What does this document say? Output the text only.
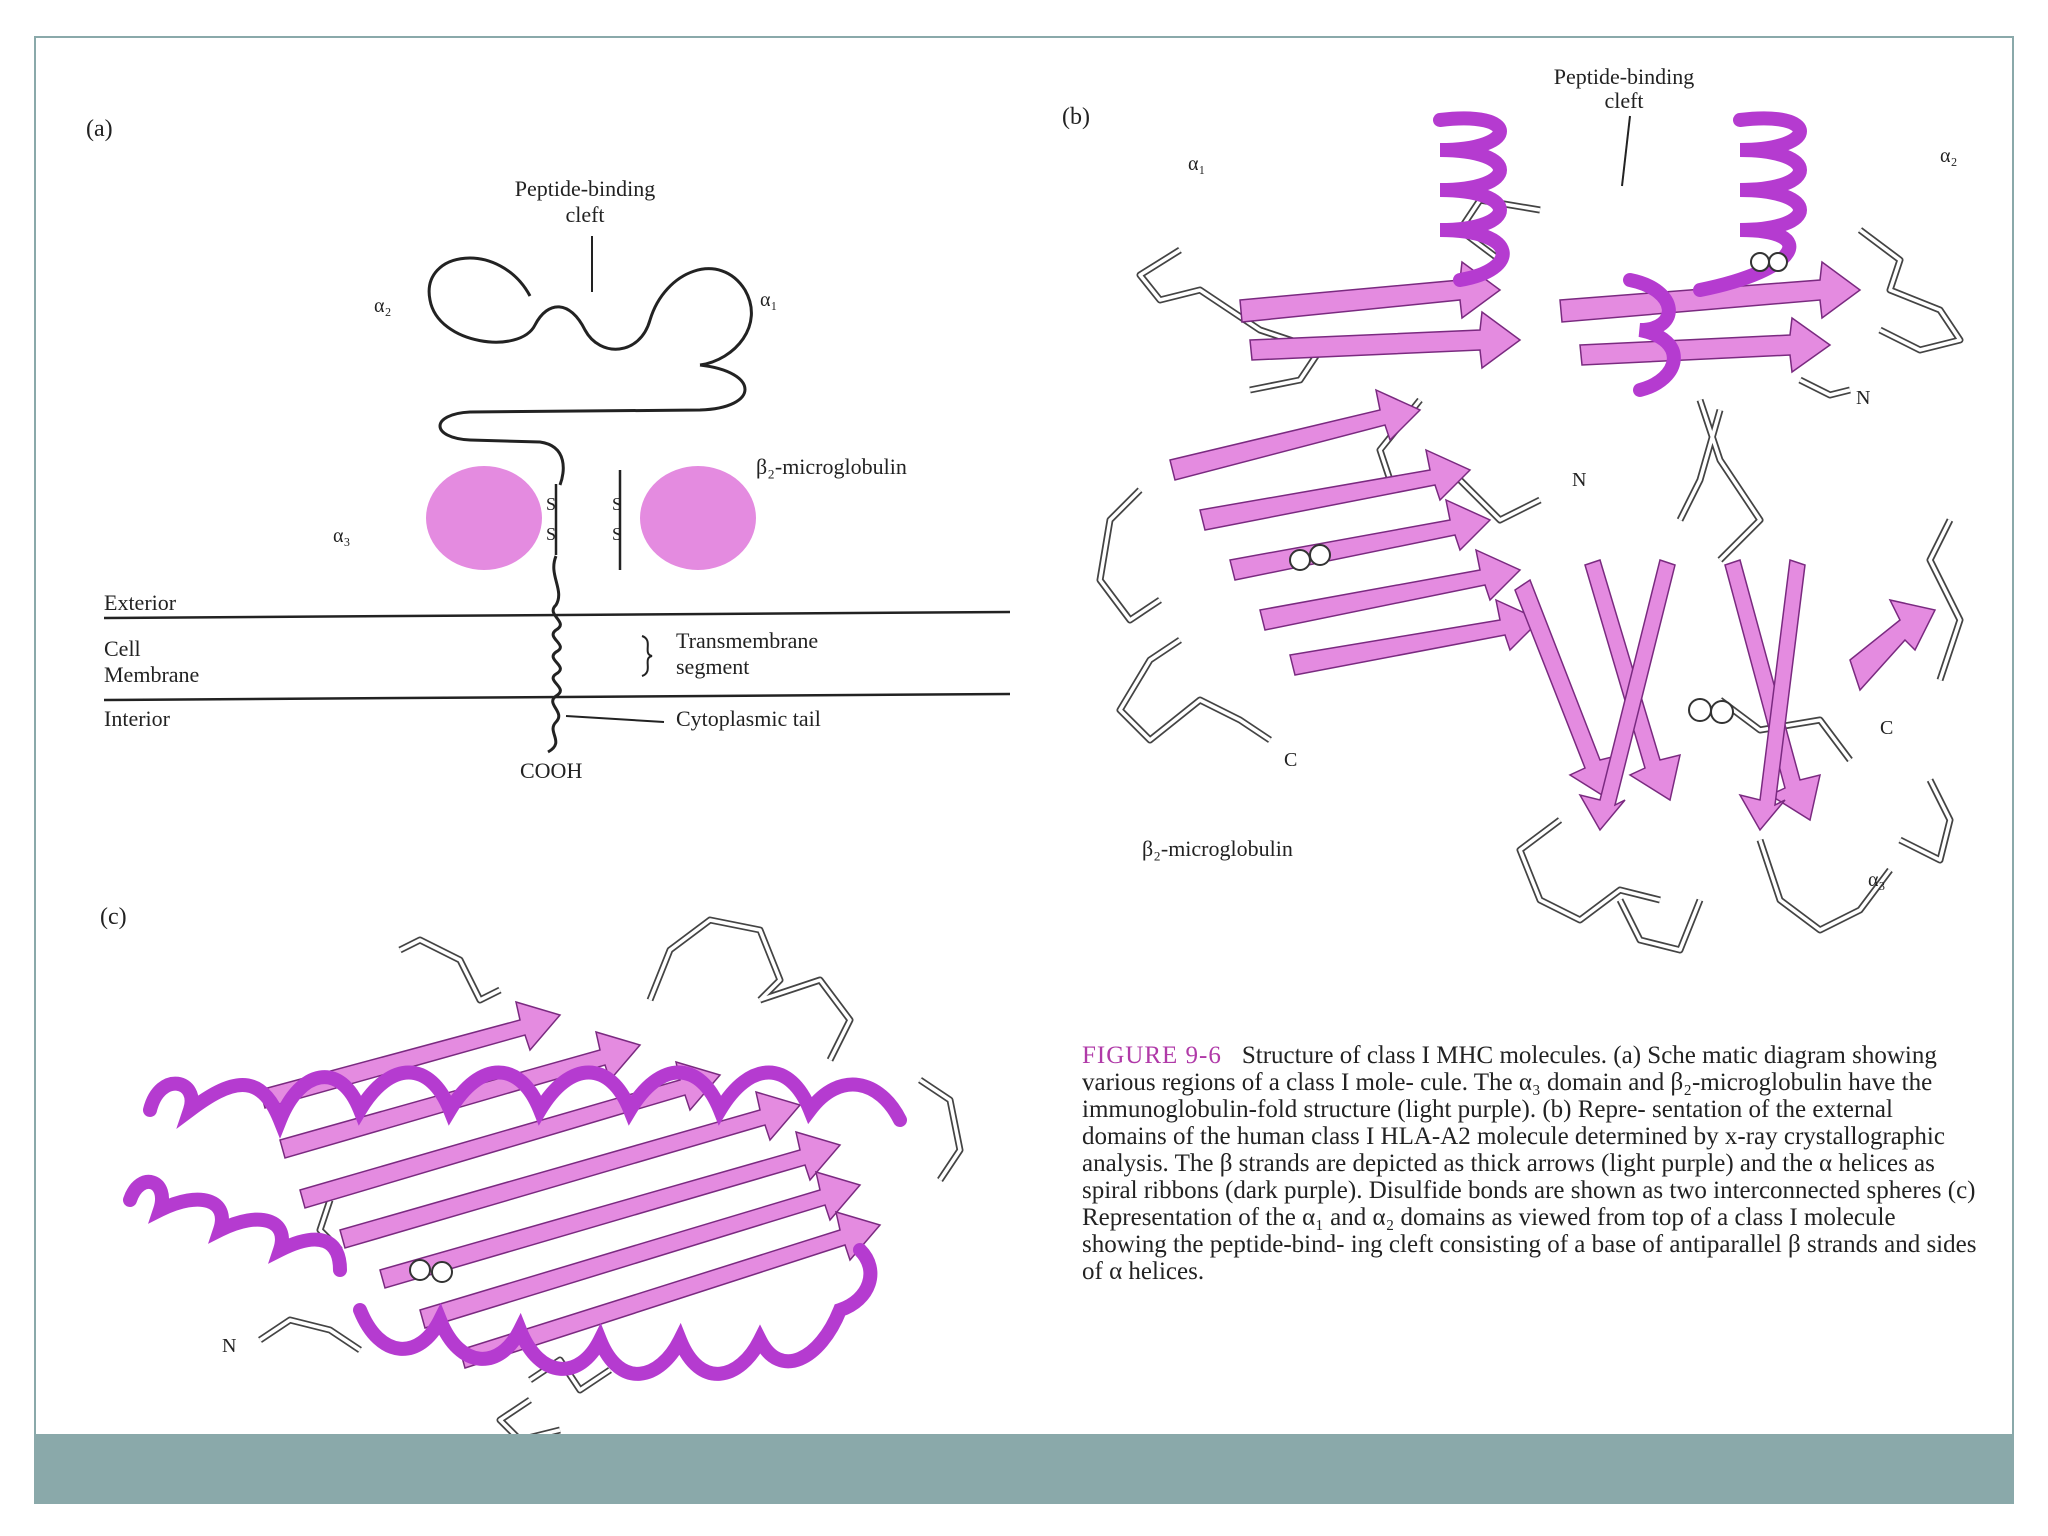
(a)
Peptide-binding
cleft
α₂	α₁
S
S
S
S
α₃
β₂-microglobulin
Exterior
Cell
Membrane
Interior
Transmembrane
segment
Cytoplasmic tail
COOH
(b)
Peptide-binding
cleft
α₁	α₂
N
N
C
C
β₂-microglobulin
α₃
(c)
N
FIGURE 9-6 Structure of class I MHC molecules. (a) Sche matic diagram showing various regions of a class I mole- cule. The α₃ domain and β₂-microglobulin have the immunoglobulin-fold structure (light purple). (b) Repre- sentation of the external domains of the human class I HLA-A2 molecule determined by x-ray crystallographic analysis. The β strands are depicted as thick arrows (light purple) and the α helices as spiral ribbons (dark purple). Disulfide bonds are shown as two interconnected spheres (c) Representation of the α₁ and α₂ domains as viewed from top of a class I molecule showing the peptide-bind- ing cleft consisting of a base of antiparallel β strands and sides of α helices.
